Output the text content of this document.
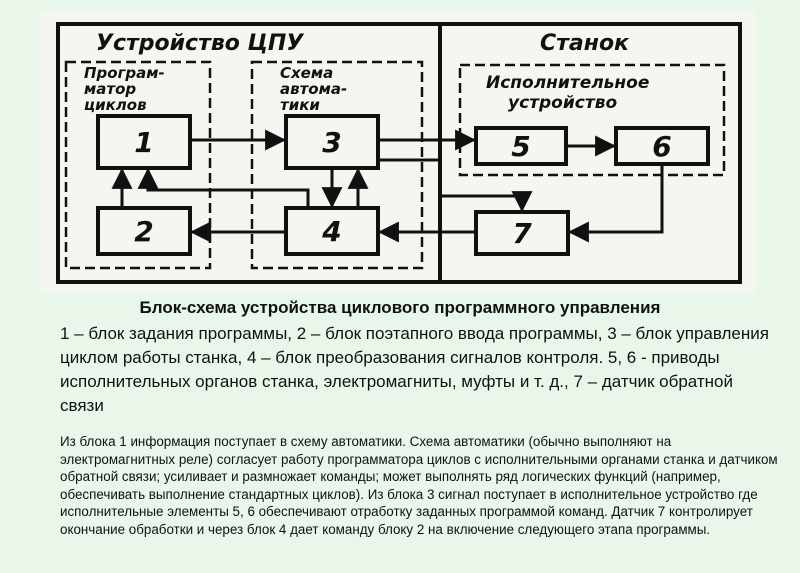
Устройство ЦПУ	Станок
Програм- матор циклов
Схема автома- тики
Исполнительное устройство
1
2
3
4
5	6
7
Блок-схема устройства циклового программного управления
1 – блок задания программы, 2 – блок поэтапного ввода программы, 3 – блок управления циклом работы станка, 4 – блок преобразования сигналов контроля. 5, 6 - приводы исполнительных органов станка, электромагниты, муфты и т. д., 7 – датчик обратной связи
Из блока 1 информация поступает в схему автоматики. Схема автоматики (обычно выполняют на электромагнитных реле) согласует работу программатора циклов с исполнительными органами станка и датчиком обратной связи; усиливает и размножает команды; может выполнять ряд логических функций (например, обеспечивать выполнение стандартных циклов). Из блока 3 сигнал поступает в исполнительное устройство где исполнительные элементы 5, 6 обеспечивают отработку заданных программой команд. Датчик 7 контролирует окончание обработки и через блок 4 дает команду блоку 2 на включение следующего этапа программы.
